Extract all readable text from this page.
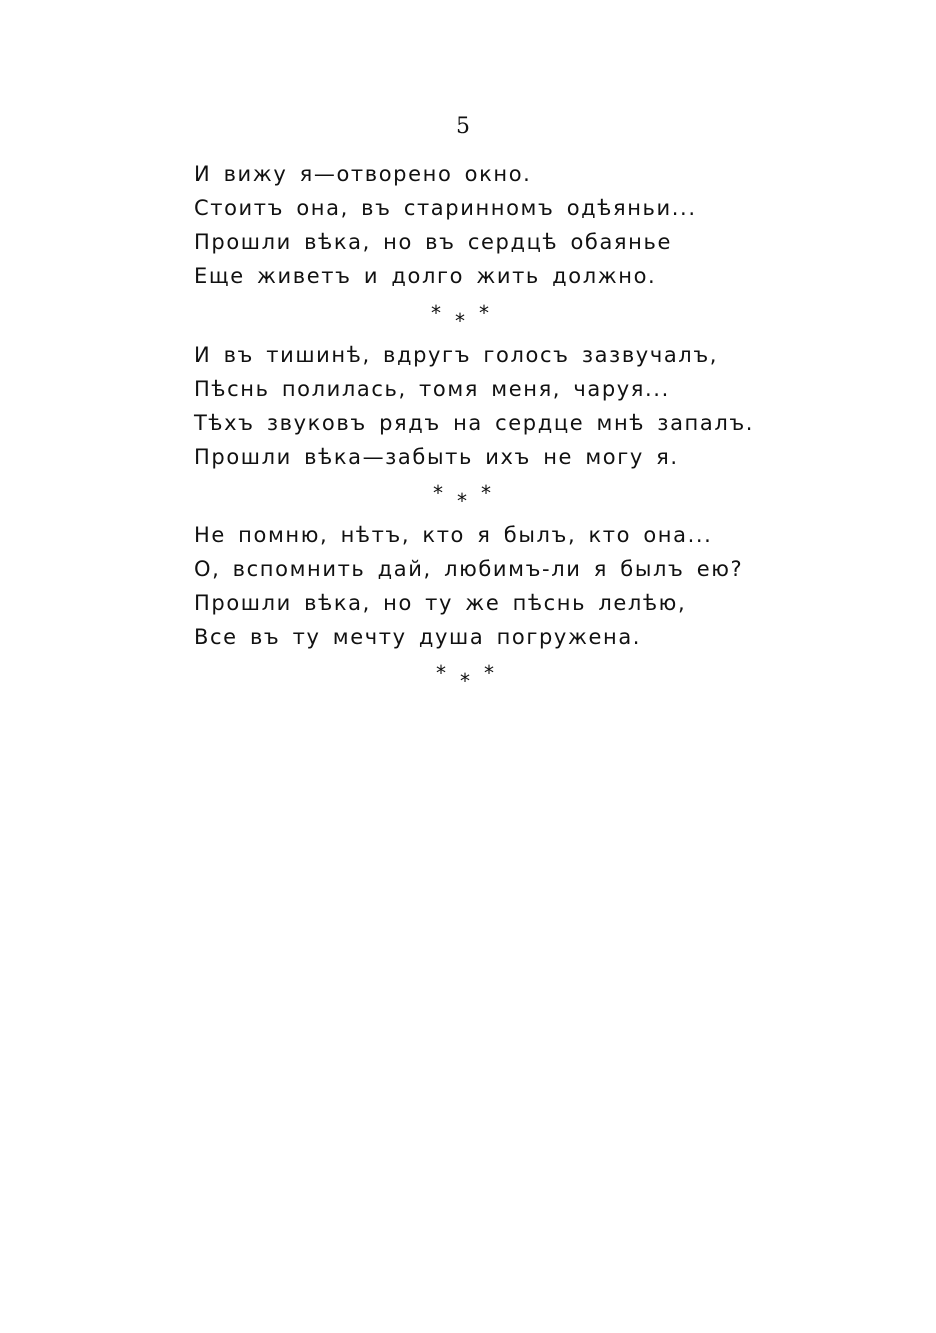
5
И вижу я—отворено окно.
Стоитъ она, въ старинномъ одѣяньи...
Прошли вѣка, но въ сердцѣ обаянье
Еще живетъ и долго жить должно.
* * *
И въ тишинѣ, вдругъ голосъ зазвучалъ,
Пѣснь полилась, томя меня, чаруя...
Тѣхъ звуковъ рядъ на сердце мнѣ запалъ.
Прошли вѣка—забыть ихъ не могу я.
* * *
Не помню, нѣтъ, кто я былъ, кто она...
О, вспомнить дай, любимъ-ли я былъ ею?
Прошли вѣка, но ту же пѣснь лелѣю,
Все въ ту мечту душа погружена.
* * *
